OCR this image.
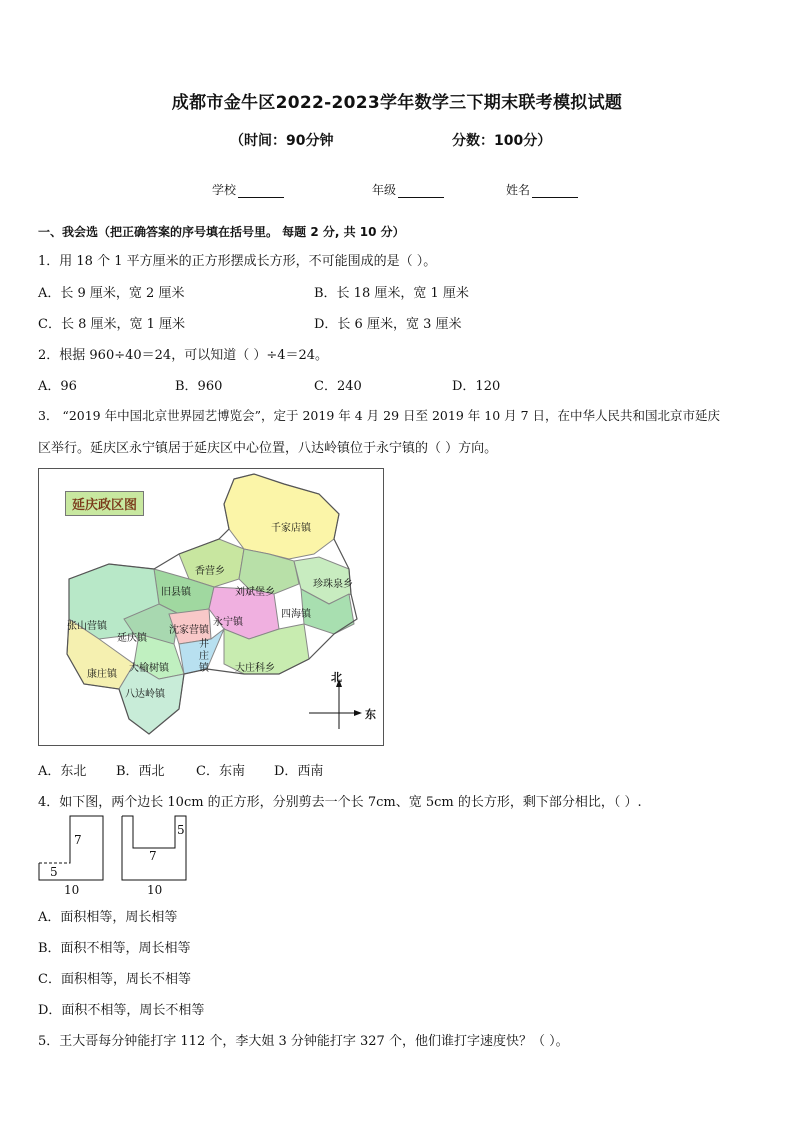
成都市金牛区2022-2023学年数学三下期末联考模拟试题
（时间：90分钟	分数：100分）
学校	年级	姓名
一、我会选（把正确答案的序号填在括号里。 每题 2 分, 共 10 分）
1．用 18 个 1 平方厘米的正方形摆成长方形，不可能围成的是（ ）。
A．长 9 厘米，宽 2 厘米	B．长 18 厘米，宽 1 厘米
C．长 8 厘米，宽 1 厘米	D．长 6 厘米，宽 3 厘米
2．根据 960÷40＝24，可以知道（ ）÷4＝24。
A．96	B．960	C．240	D．120
3． “2019 年中国北京世界园艺博览会”，定于 2019 年 4 月 29 日至 2019 年 10 月 7 日，在中华人民共和国北京市延庆
区举行。延庆区永宁镇居于延庆区中心位置，八达岭镇位于永宁镇的（ ）方向。
延庆政区图
北
东
千家店镇
香营乡
刘斌堡乡
珍珠泉乡
旧县镇
四海镇
张山营镇	永宁镇
沈家营镇
延庆镇
井庄镇
大榆树镇	大庄科乡
康庄镇
八达岭镇
A．东北 B．西北 C．东南 D．西南
4．如下图，两个边长 10cm 的正方形，分别剪去一个长 7cm、宽 5cm 的长方形，剩下部分相比，（ ）.
7
5
10
5
7
10
A．面积相等，周长相等
B．面积不相等，周长相等
C．面积相等，周长不相等
D．面积不相等，周长不相等
5．王大哥每分钟能打字 112 个，李大姐 3 分钟能打字 327 个，他们谁打字速度快？（ ）。
